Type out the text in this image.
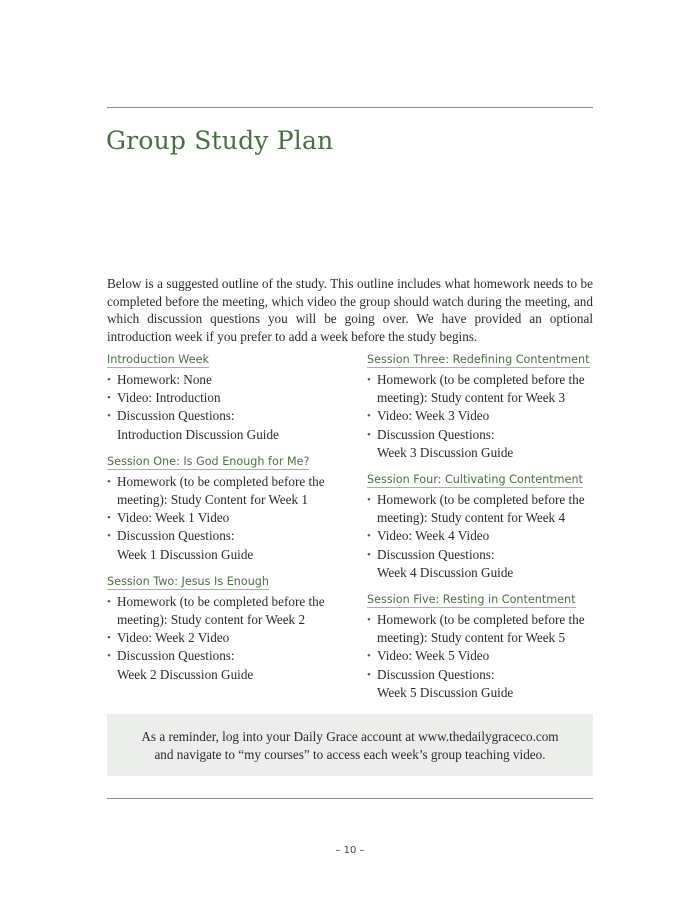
Group Study Plan

Below is a suggested outline of the study. This outline includes what homework needs to be completed before the meeting, which video the group should watch during the meeting, and which discussion questions you will be going over. We have provided an optional introduction week if you prefer to add a week before the study begins.

Introduction Week
• Homework: None
• Video: Introduction
• Discussion Questions:
Introduction Discussion Guide
Session One: Is God Enough for Me?
• Homework (to be completed before the
meeting): Study Content for Week 1
• Video: Week 1 Video
• Discussion Questions:
Week 1 Discussion Guide
Session Two: Jesus Is Enough
• Homework (to be completed before the
meeting): Study content for Week 2
• Video: Week 2 Video
• Discussion Questions:
Week 2 Discussion Guide
Session Three: Redefining Contentment
• Homework (to be completed before the
meeting): Study content for Week 3
• Video: Week 3 Video
• Discussion Questions:
Week 3 Discussion Guide
Session Four: Cultivating Contentment
• Homework (to be completed before the
meeting): Study content for Week 4
• Video: Week 4 Video
• Discussion Questions:
Week 4 Discussion Guide
Session Five: Resting in Contentment
• Homework (to be completed before the
meeting): Study content for Week 5
• Video: Week 5 Video
• Discussion Questions:
Week 5 Discussion Guide
As a reminder, log into your Daily Grace account at www.thedailygraceco.com
and navigate to “my courses” to access each week’s group teaching video.
– 10 –
